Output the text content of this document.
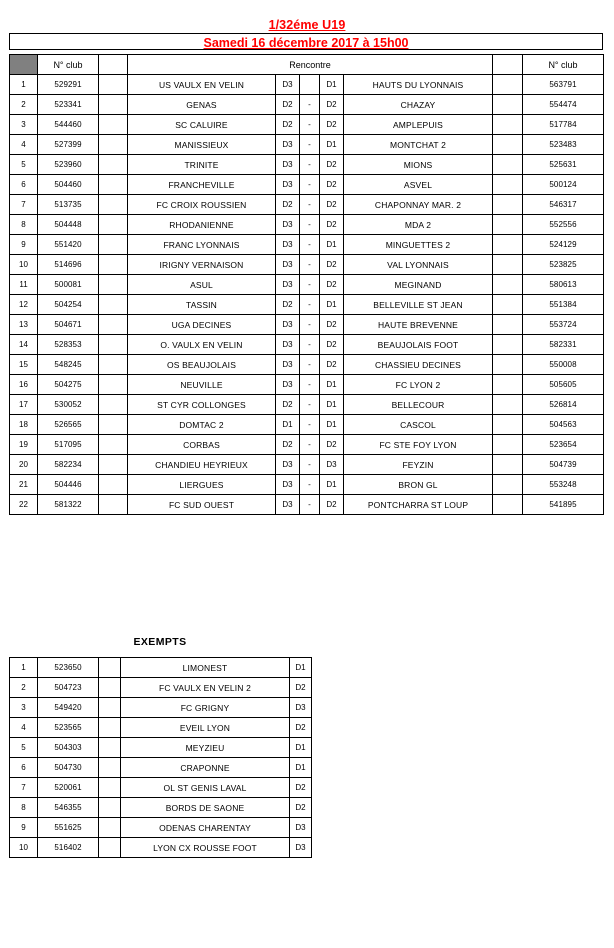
1/32éme U19
Samedi 16 décembre 2017 à 15h00
	N° club		Rencontre						N° club
1	529291		US VAULX EN VELIN	D3		D1	HAUTS DU LYONNAIS		563791
2	523341		GENAS	D2	-	D2	CHAZAY		554474
3	544460		SC CALUIRE	D2	-	D2	AMPLEPUIS		517784
4	527399		MANISSIEUX	D3	-	D1	MONTCHAT 2		523483
5	523960		TRINITE	D3	-	D2	MIONS		525631
6	504460		FRANCHEVILLE	D3	-	D2	ASVEL		500124
7	513735		FC CROIX ROUSSIEN	D2	-	D2	CHAPONNAY MAR. 2		546317
8	504448		RHODANIENNE	D3	-	D2	MDA 2		552556
9	551420		FRANC LYONNAIS	D3	-	D1	MINGUETTES 2		524129
10	514696		IRIGNY VERNAISON	D3	-	D2	VAL LYONNAIS		523825
11	500081		ASUL	D3	-	D2	MEGINAND		580613
12	504254		TASSIN	D2	-	D1	BELLEVILLE ST JEAN		551384
13	504671		UGA DECINES	D3	-	D2	HAUTE BREVENNE		553724
14	528353		O. VAULX EN VELIN	D3	-	D2	BEAUJOLAIS FOOT		582331
15	548245		OS BEAUJOLAIS	D3	-	D2	CHASSIEU DECINES		550008
16	504275		NEUVILLE	D3	-	D1	FC LYON 2		505605
17	530052		ST CYR COLLONGES	D2	-	D1	BELLECOUR		526814
18	526565		DOMTAC 2	D1	-	D1	CASCOL		504563
19	517095		CORBAS	D2	-	D2	FC STE FOY LYON		523654
20	582234		CHANDIEU HEYRIEUX	D3	-	D3	FEYZIN		504739
21	504446		LIERGUES	D3	-	D1	BRON GL		553248
22	581322		FC SUD OUEST	D3	-	D2	PONTCHARRA ST LOUP		541895
EXEMPTS
1	523650		LIMONEST	D1
2	504723		FC VAULX EN VELIN 2	D2
3	549420		FC GRIGNY	D3
4	523565		EVEIL LYON	D2
5	504303		MEYZIEU	D1
6	504730		CRAPONNE	D1
7	520061		OL ST GENIS LAVAL	D2
8	546355		BORDS DE SAONE	D2
9	551625		ODENAS CHARENTAY	D3
10	516402		LYON CX ROUSSE FOOT	D3
